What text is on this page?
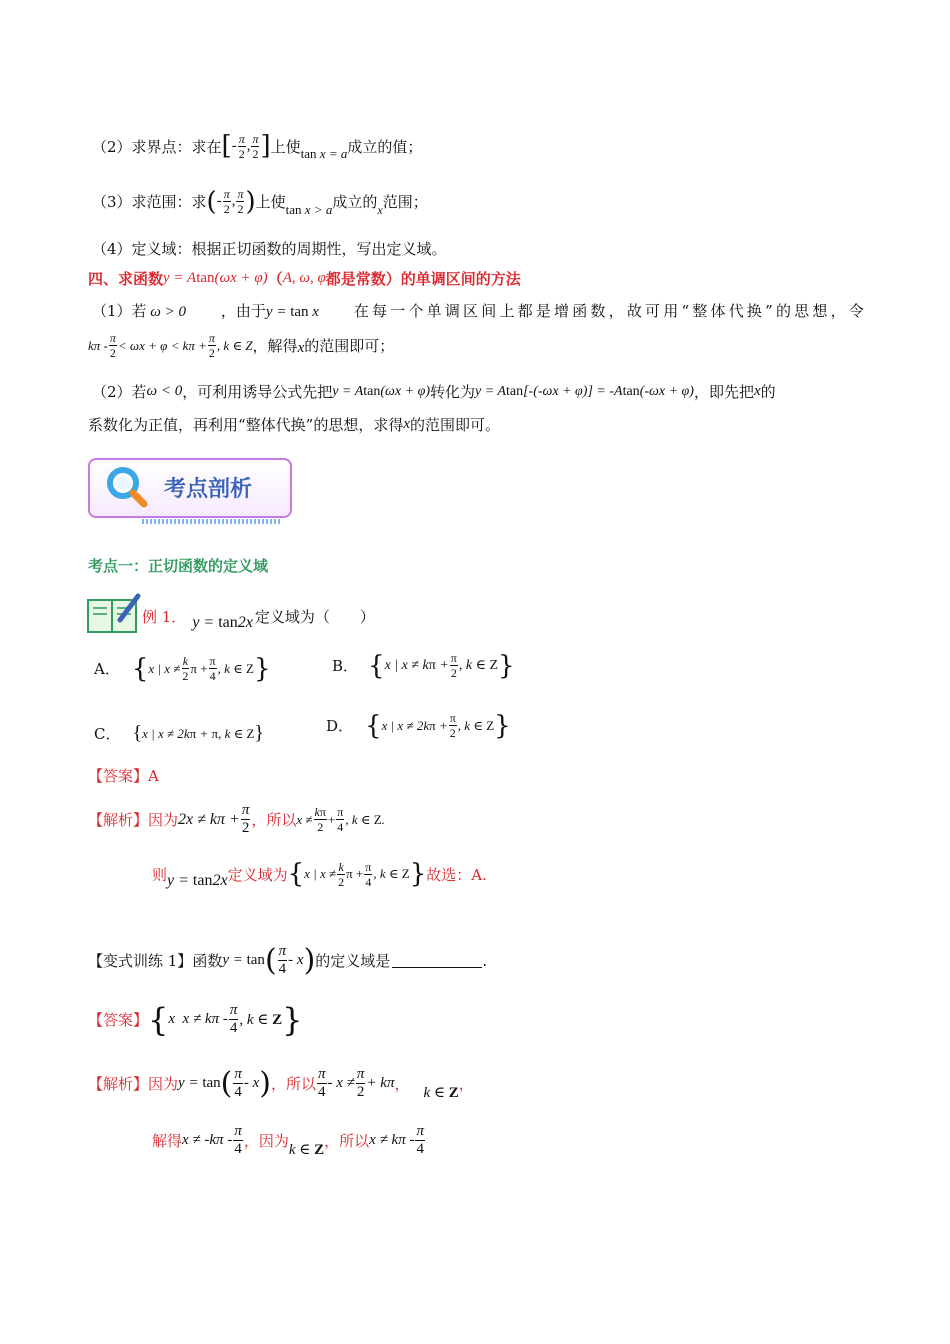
（2）求界点：求在 [ - $\frac{\pi}{2}$ , $\frac{\pi}{2}$ ] 上使 tan x = a 成立的值；
（3）求范围：求 ( - $\frac{\pi}{2}$ , $\frac{\pi}{2}$ ) 上使 tan x > a 成立的 x 范围；
（4）定义域：根据正切函数的周期性，写出定义域。
四、求函数 y = Atan(ωx + φ) （ A, ω, φ 都是常数）的单调区间的方法
（1）若 ω > 0 ，由于y = tan x 在每一个单调区间上都是增函数，故可用“整体代换”的思想，令
$k\pi - \frac{\pi}{2} < \omega x + \varphi < k\pi + \frac{\pi}{2}$ , k ∈ Z ，解得 x 的范围即可；
（2）若 ω < 0 ，可利用诱导公式先把 y = Atan(ωx + φ) 转化为 y = Atan[-(-ωx + φ)] = -Atan(-ωx + φ) ，即先把 x 的
系数化为正值，再利用“整体代换”的思想，求得 x 的范围即可。
考点剖析
考点一：正切函数的定义域
例 1． y = tan2x 定义域为（　　）
A． { x | $x \ne \frac{k}{2}$ $\pi + \frac{\pi}{4}$ , k ∈ Z }	B． { x | $x \ne k\pi + \frac{\pi}{2}$ , k ∈ Z }
C． { x | x ≠ 2kπ + π, k ∈ Z }	D． { x | $x \ne 2k\pi + \frac{\pi}{2}$ , k ∈ Z }
【答案】A
【解析】 因为 $2x \ne k\pi + \frac{\pi}{2}$ ，所以 $x \ne \frac{k\pi}{2} + \frac{\pi}{4}$ , k ∈ Z.
则 y = tan2x 定义域为 { x | $x \ne \frac{k}{2}$ $\pi + \frac{\pi}{4}$ , k ∈ Z } 故选：A.
【变式训练 1】 函数 y = tan ( $\frac{\pi}{4}$ - x ) 的定义域是	.
【答案】 { x  $x \ne k\pi - \frac{\pi}{4}$ , k ∈ Z }
【解析】 因为 y = tan ( $\frac{\pi}{4}$ - x ) ，所以 $\frac{\pi}{4} - x \ne \frac{\pi}{2} + k\pi$ ， k ∈ Z ，
解得 $x \ne -k\pi - \frac{\pi}{4}$ ，因为 k ∈ Z ，所以 $x \ne k\pi - \frac{\pi}{4}$
